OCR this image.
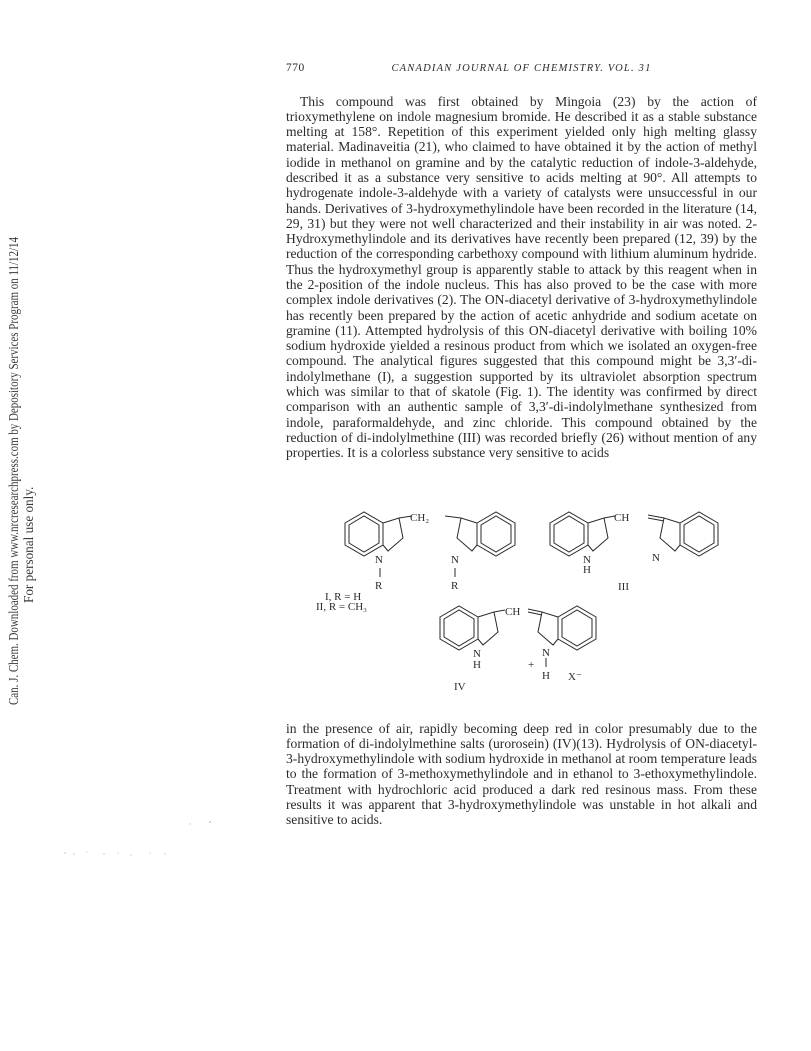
Can. J. Chem. Downloaded from www.nrcresearchpress.com by Depository Services Program on 11/12/14 For personal use only.
770	CANADIAN JOURNAL OF CHEMISTRY. VOL. 31

This compound was first obtained by Mingoia (23) by the action of trioxymethylene on indole magnesium bromide. He described it as a stable substance melting at 158°. Repetition of this experiment yielded only high melting glassy material. Madinaveitia (21), who claimed to have obtained it by the action of methyl iodide in methanol on gramine and by the catalytic reduction of indole-3-aldehyde, described it as a substance very sensitive to acids melting at 90°. All attempts to hydrogenate indole-3-aldehyde with a variety of catalysts were unsuccessful in our hands. Derivatives of 3-hydroxymethylindole have been recorded in the literature (14, 29, 31) but they were not well characterized and their instability in air was noted. 2-Hydroxymethylindole and its derivatives have recently been prepared (12, 39) by the reduction of the corresponding carbethoxy compound with lithium aluminum hydride. Thus the hydroxymethyl group is apparently stable to attack by this reagent when in the 2-position of the indole nucleus. This has also proved to be the case with more complex indole derivatives (2). The ON-diacetyl derivative of 3-hydroxymethylindole has recently been prepared by the action of acetic anhydride and sodium acetate on gramine (11). Attempted hydrolysis of this ON-diacetyl derivative with boiling 10% sodium hydroxide yielded a resinous product from which we isolated an oxygen-free compound. The analytical figures suggested that this compound might be 3,3′-di-indolylmethane (I), a suggestion supported by its ultraviolet absorption spectrum which was similar to that of skatole (Fig. 1). The identity was confirmed by direct comparison with an authentic sample of 3,3′-di-indolylmethane synthesized from indole, paraformaldehyde, and zinc chloride. This compound obtained by the reduction of di-indolylmethine (III) was recorded briefly (26) without mention of any properties. It is a colorless substance very sensitive to acids

CH₂
N	N
R	R
I, R = H
II, R = CH₃
CH
N
H
N
III
CH
N
H
N
+
H
IV
X⁻

in the presence of air, rapidly becoming deep red in color presumably due to the formation of di-indolylmethine salts (urorosein) (IV)(13). Hydrolysis of ON-diacetyl-3-hydroxymethylindole with sodium hydroxide in methanol at room temperature leads to the formation of 3-methoxymethylindole and in ethanol to 3-ethoxymethylindole. Treatment with hydrochloric acid produced a dark red resinous mass. From these results it was apparent that 3-hydroxymethylindole was unstable in hot alkali and sensitive to acids.
